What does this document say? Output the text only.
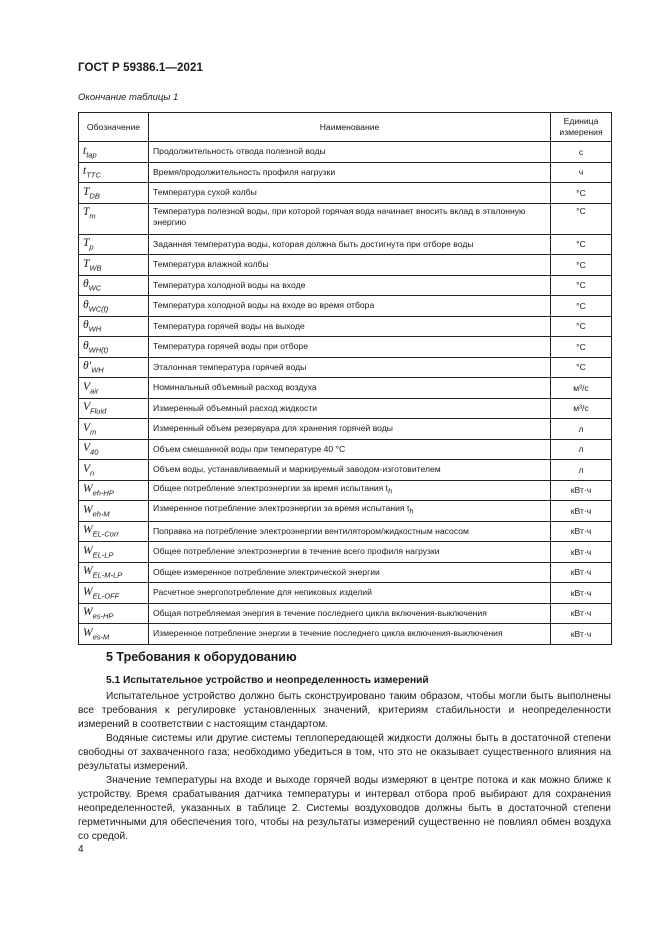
ГОСТ Р 59386.1—2021
Окончание таблицы 1
Обозначение	Наименование	Единица измерения
$t_{tap}$	Продолжительность отвода полезной воды	с
$t_{TTC}$	Время/продолжительность профиля нагрузки	ч
$T_{DB}$	Температура сухой колбы	°С
$T_m$	Температура полезной воды, при которой горячая вода начинает вносить вклад в эталонную энергию	°С
$T_p$	Заданная температура воды, которая должна быть достигнута при отборе воды	°С
$T_{WB}$	Температура влажной колбы	°С
$\theta_{WC}$	Температура холодной воды на входе	°С
$\theta_{WC(t)}$	Температура холодной воды на входе во время отбора	°С
$\theta_{WH}$	Температура горячей воды на выходе	°С
$\theta_{WH(t)}$	Температура горячей воды при отборе	°С
$\theta'_{WH}$	Эталонная температура горячей воды	°С
$V_{air}$	Номинальный объемный расход воздуха	м³/с
$V_{Fluid}$	Измеренный объемный расход жидкости	м³/с
$V_m$	Измеренный объем резервуара для хранения горячей воды	л
$V_{40}$	Объем смешанной воды при температуре 40 °С	л
$V_n$	Объем воды, устанавливаемый и маркируемый заводом-изготовителем	л
$W_{eh-HP}$	Общее потребление электроэнергии за время испытания $t_h$	кВт·ч
$W_{eh-M}$	Измеренное потребление электроэнергии за время испытания $t_h$	кВт·ч
$W_{EL-Corr}$	Поправка на потребление электроэнергии вентилятором/жидкостным насосом	кВт·ч
$W_{EL-LP}$	Общее потребление электроэнергии в течение всего профиля нагрузки	кВт·ч
$W_{EL-M-LP}$	Общее измеренное потребление электрической энергии	кВт·ч
$W_{EL-OFF}$	Расчетное энергопотребление для непиковых изделий	кВт·ч
$W_{es-HP}$	Общая потребляемая энергия в течение последнего цикла включения-выключения	кВт·ч
$W_{es-M}$	Измеренное потребление энергии в течение последнего цикла включения-выключения	кВт·ч
5 Требования к оборудованию
5.1 Испытательное устройство и неопределенность измерений
Испытательное устройство должно быть сконструировано таким образом, чтобы могли быть выполнены все требования к регулировке установленных значений, критериям стабильности и неопределенности измерений в соответствии с настоящим стандартом.
Водяные системы или другие системы теплопередающей жидкости должны быть в достаточной степени свободны от захваченного газа; необходимо убедиться в том, что это не оказывает существенного влияния на результаты измерений.
Значение температуры на входе и выходе горячей воды измеряют в центре потока и как можно ближе к устройству. Время срабатывания датчика температуры и интервал отбора проб выбирают для сохранения неопределенностей, указанных в таблице 2. Системы воздуховодов должны быть в достаточной степени герметичными для обеспечения того, чтобы на результаты измерений существенно не повлиял обмен воздуха со средой.
4
